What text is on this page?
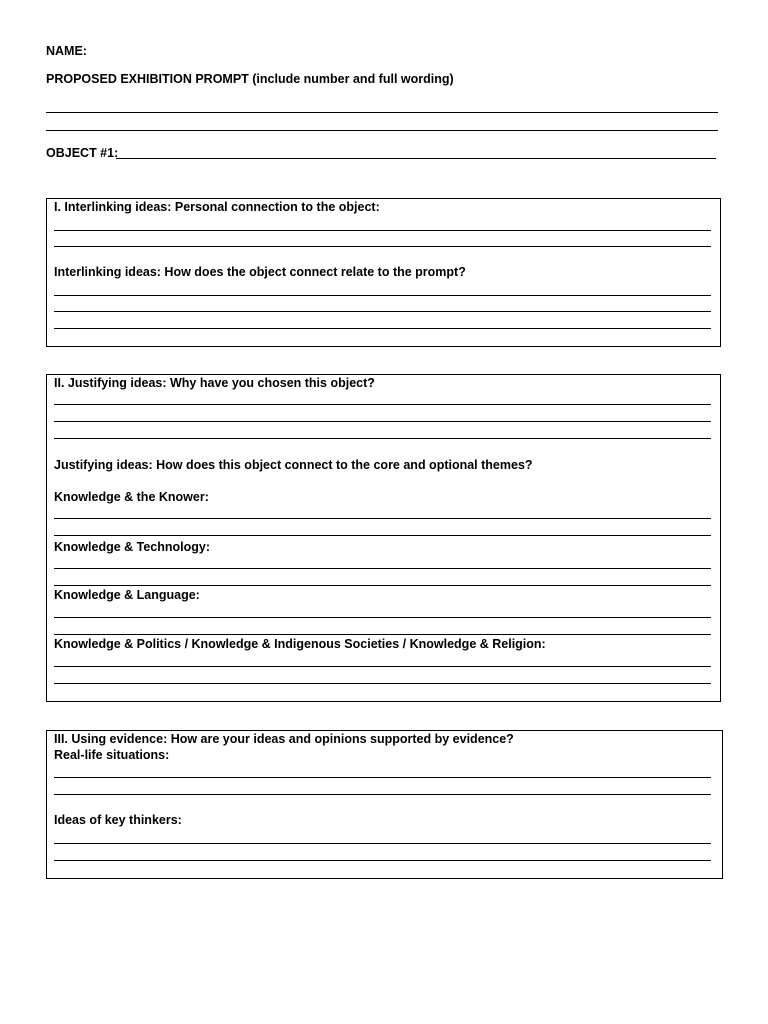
NAME:

PROPOSED EXHIBITION PROMPT (include number and full wording)

OBJECT #1:

I. Interlinking ideas: Personal connection to the object:

Interlinking ideas: How does the object connect relate to the prompt?

II. Justifying ideas: Why have you chosen this object?

Justifying ideas: How does this object connect to the core and optional themes?

Knowledge & the Knower:

Knowledge & Technology:

Knowledge & Language:

Knowledge & Politics / Knowledge & Indigenous Societies / Knowledge & Religion:

III. Using evidence: How are your ideas and opinions supported by evidence?

Real-life situations:

Ideas of key thinkers:
